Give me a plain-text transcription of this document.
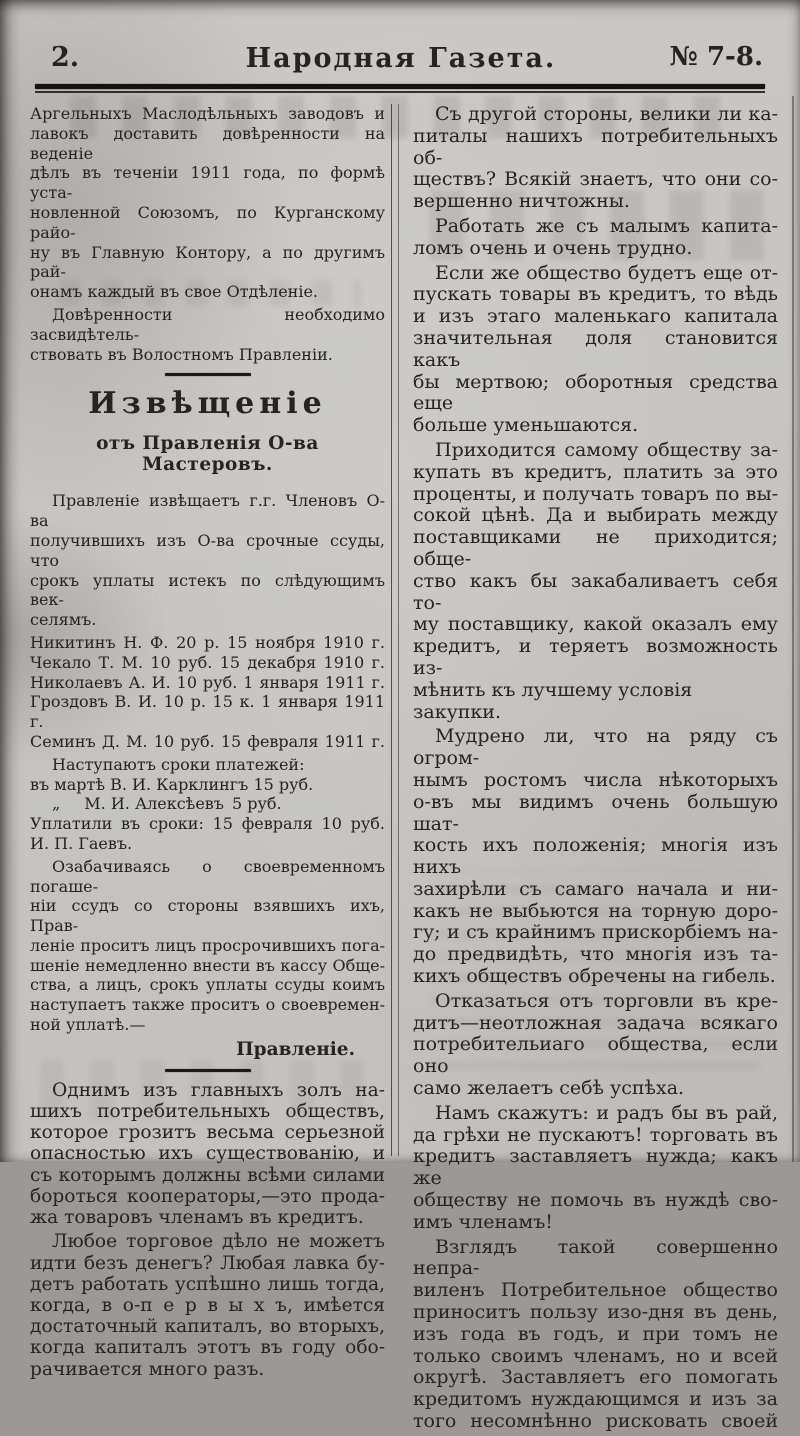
2.	Народная Газета.	№ 7-8.
Аргельныхъ Маслодѣльныхъ заводовъ и
лавокъ доставить довѣренности на веденіе
дѣлъ въ теченіи 1911 года, по формѣ уста-
новленной Союзомъ, по Курганскому райо-
ну въ Главную Контору, а по другимъ рай-
онамъ каждый въ свое Отдѣленіе.
Довѣренности необходимо засвидѣтель-
ствовать въ Волостномъ Правленіи.
Извѣщеніе
отъ Правленія О-ва Мастеровъ.
Правленіе извѣщаетъ г.г. Членовъ О-ва
получившихъ изъ О-ва срочные ссуды, что
срокъ уплаты истекъ по слѣдующимъ век-
селямъ.
Никитинъ Н. Ф. 20 р. 15 ноября 1910 г.
Чекало Т. М. 10 руб. 15 декабря 1910 г.
Николаевъ А. И. 10 руб. 1 января 1911 г.
Гроздовъ В. И. 10 р. 15 к. 1 января 1911 г.
Семинъ Д. М. 10 руб. 15 февраля 1911 г.
Наступаютъ сроки платежей:
въ мартѣ В. И. Карклингъ 15 руб.
„  М. И. Алексѣевъ 5 руб.
Уплатили въ сроки: 15 февраля 10 руб.
И. П. Гаевъ.
Озабачиваясь о своевременномъ погаше-
ніи ссудъ со стороны взявшихъ ихъ, Прав-
леніе проситъ лицъ просрочившихъ пога-
шеніе немедленно внести въ кассу Обще-
ства, а лицъ, срокъ уплаты ссуды коимъ
наступаетъ также проситъ о своевремен-
ной уплатѣ.—
Правленіе.
Однимъ изъ главныхъ золъ на-
шихъ потребительныхъ обществъ,
которое грозитъ весьма серьезной
опасностью ихъ существованію, и
съ которымъ должны всѣми силами
бороться кооператоры,—это прода-
жа товаровъ членамъ въ кредитъ.
Любое торговое дѣло не можетъ
идти безъ денегъ? Любая лавка бу-
детъ работать успѣшно лишь тогда,
когда, в о-п е р в ы х ъ, имѣется
достаточный капиталъ, во вторыхъ,
когда капиталъ этотъ въ году обо-
рачивается много разъ.
Съ другой стороны, велики ли ка-
питалы нашихъ потребительныхъ об-
ществъ? Всякій знаетъ, что они со-
вершенно ничтожны.
Работать же съ малымъ капита-
ломъ очень и очень трудно.
Если же общество будетъ еще от-
пускать товары въ кредитъ, то вѣдь
и изъ этаго маленькаго капитала
значительная доля становится какъ
бы мертвою; оборотныя средства еще
больше уменьшаются.
Приходится самому обществу за-
купать въ кредитъ, платить за это
проценты, и получать товаръ по вы-
сокой цѣнѣ. Да и выбирать между
поставщиками не приходится; обще-
ство какъ бы закабаливаетъ себя то-
му поставщику, какой оказалъ ему
кредитъ, и теряетъ возможность из-
мѣнить къ лучшему условія закупки.
Мудрено ли, что на ряду съ огром-
нымъ ростомъ числа нѣкоторыхъ
о-въ мы видимъ очень большую шат-
кость ихъ положенія; многія изъ нихъ
захирѣли съ самаго начала и ни-
какъ не выбьются на торную доро-
гу; и съ крайнимъ прискорбіемъ на-
до предвидѣть, что многія изъ та-
кихъ обществъ обречены на гибель.
Отказаться отъ торговли въ кре-
дитъ—неотложная задача всякаго
потребительиаго общества, если оно
само желаетъ себѣ успѣха.
Намъ скажутъ: и радъ бы въ рай,
да грѣхи не пускаютъ! торговать въ
кредитъ заставляетъ нужда; какъ же
обществу не помочь въ нуждѣ сво-
имъ членамъ!
Взглядъ такой совершенно непра-
виленъ Потребительное общество
приноситъ пользу изо-дня въ день,
изъ года въ годъ, и при томъ не
только своимъ членамъ, но и всей
округѣ. Заставляетъ его помогать
кредитомъ нуждающимся и изъ за
того несомнѣнно рисковать своей
